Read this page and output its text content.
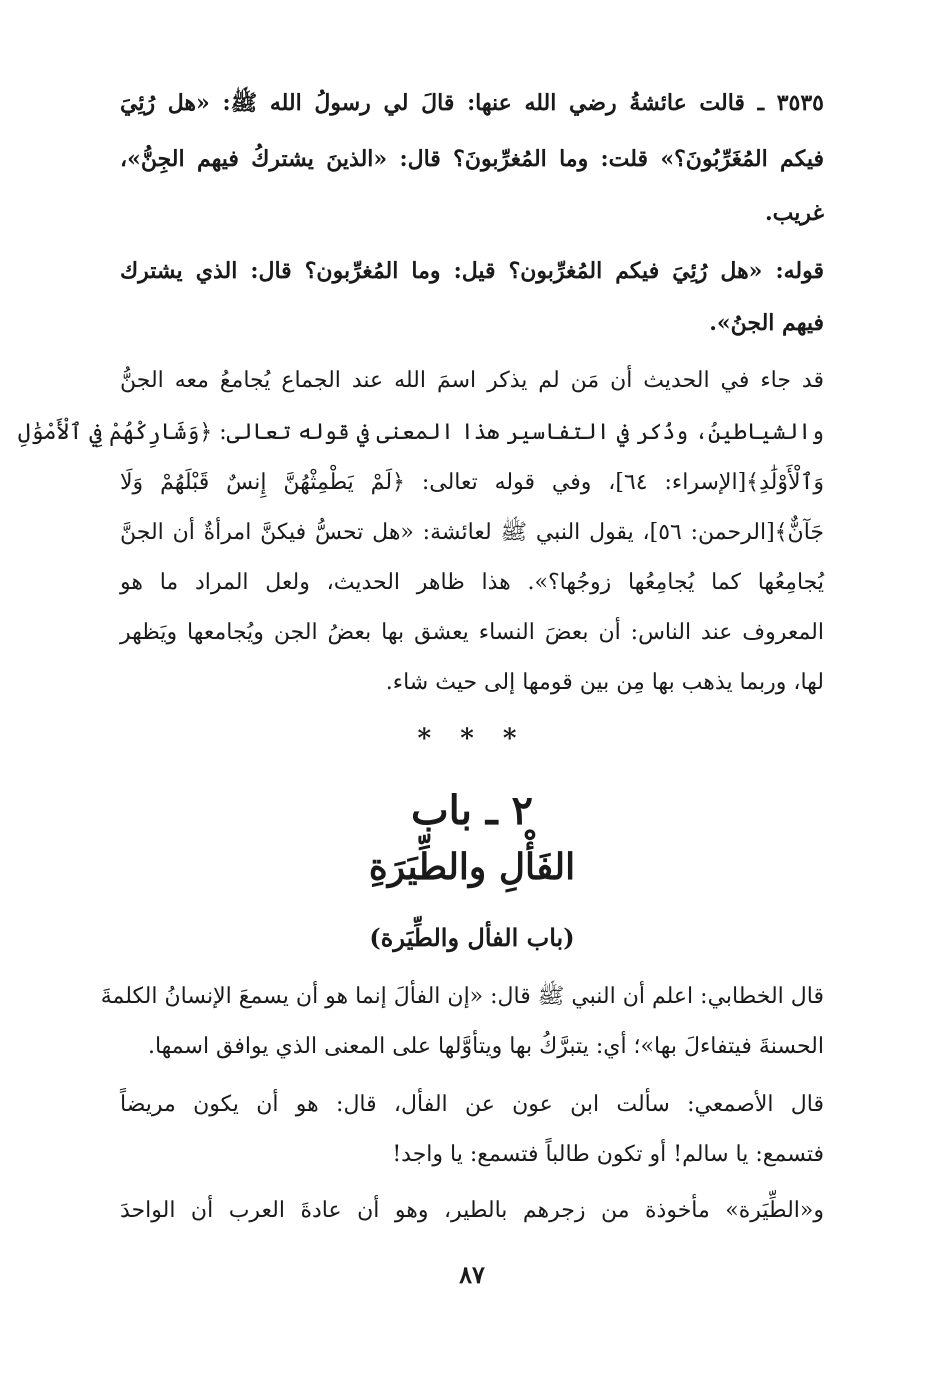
٣٥٣٥ ـ قالت عائشةُ رضي الله عنها: قالَ لي رسولُ الله ﷺ: «هل رُئِيَ
فيكم المُغَرِّبُونَ؟» قلت: وما المُغرِّبونَ؟ قال: «الذينَ يشتركُ فيهم الجِنُّ»،
غريب.
قوله: «هل رُئِيَ فيكم المُغرِّبون؟ قيل: وما المُغرِّبون؟ قال: الذي يشترك
فيهم الجنُ».
قد جاء في الحديث أن مَن لم يذكر اسمَ الله عند الجماع يُجامعُ معه الجنُّ
والشياطينُ، وذُكر في التفاسير هذا المعنى في قوله تعالى: ﴿وَشَارِكْهُمْ فِي ٱلْأَمْوَٰلِ
وَٱلْأَوْلَٰدِ﴾[الإسراء: ٦٤]، وفي قوله تعالى: ﴿لَمْ يَطْمِثْهُنَّ إِنسٌ قَبْلَهُمْ وَلَا
جَآنٌّ﴾[الرحمن: ٥٦]، يقول النبي ﷺ لعائشة: «هل تحسُّ فيكنَّ امرأةٌ أن الجنَّ
يُجامِعُها كما يُجامِعُها زوجُها؟». هذا ظاهر الحديث، ولعل المراد ما هو
المعروف عند الناس: أن بعضَ النساء يعشق بها بعضُ الجن ويُجامعها ويَظهر
لها، وربما يذهب بها مِن بين قومها إلى حيث شاء.
* * *
٢ ـ باب
الفَأْلِ والطِّيَرَةِ
(باب الفأل والطِّيَرة)
قال الخطابي: اعلم أن النبي ﷺ قال: «إن الفألَ إنما هو أن يسمعَ الإنسانُ الكلمةَ
الحسنةَ فيتفاءلَ بها»؛ أي: يتبرَّكُ بها ويتأوَّلها على المعنى الذي يوافق اسمها.
قال الأصمعي: سألت ابن عون عن الفأل، قال: هو أن يكون مريضاً
فتسمع: يا سالم! أو تكون طالباً فتسمع: يا واجد!
و«الطِّيَرة» مأخوذة من زجرهم بالطير، وهو أن عادةَ العرب أن الواحدَ
٨٧
